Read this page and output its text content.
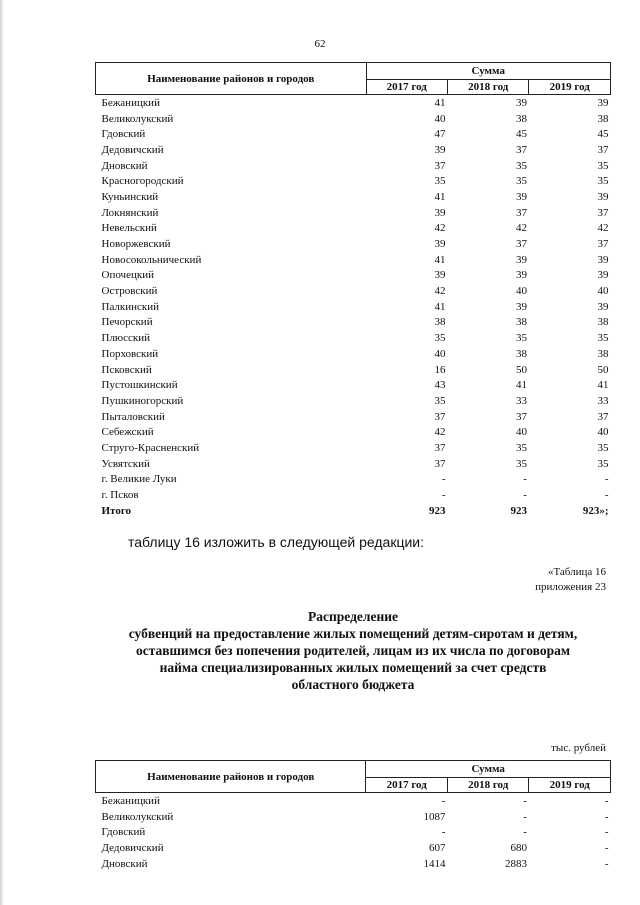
62
Наименование районов и городов	Сумма		
	2017 год	2018 год	2019 год
Бежаницкий	41	39	39
Великолукский	40	38	38
Гдовский	47	45	45
Дедовичский	39	37	37
Дновский	37	35	35
Красногородский	35	35	35
Куньинский	41	39	39
Локнянский	39	37	37
Невельский	42	42	42
Новоржевский	39	37	37
Новосокольнический	41	39	39
Опочецкий	39	39	39
Островский	42	40	40
Палкинский	41	39	39
Печорский	38	38	38
Плюсский	35	35	35
Порховский	40	38	38
Псковский	16	50	50
Пустошкинский	43	41	41
Пушкиногорский	35	33	33
Пыталовский	37	37	37
Себежский	42	40	40
Струго-Красненский	37	35	35
Усвятский	37	35	35
г. Великие Луки	-	-	-
г. Псков	-	-	-
Итого	923	923	923»;
таблицу 16 изложить в следующей редакции:
«Таблица 16
приложения 23
Распределение
субвенций на предоставление жилых помещений детям-сиротам и детям,
оставшимся без попечения родителей, лицам из их числа по договорам
найма специализированных жилых помещений за счет средств
областного бюджета
тыс. рублей
Наименование районов и городов	Сумма		
	2017 год	2018 год	2019 год
Бежаницкий	-	-	-
Великолукский	1087	-	-
Гдовский	-	-	-
Дедовичский	607	680	-
Дновский	1414	2883	-
